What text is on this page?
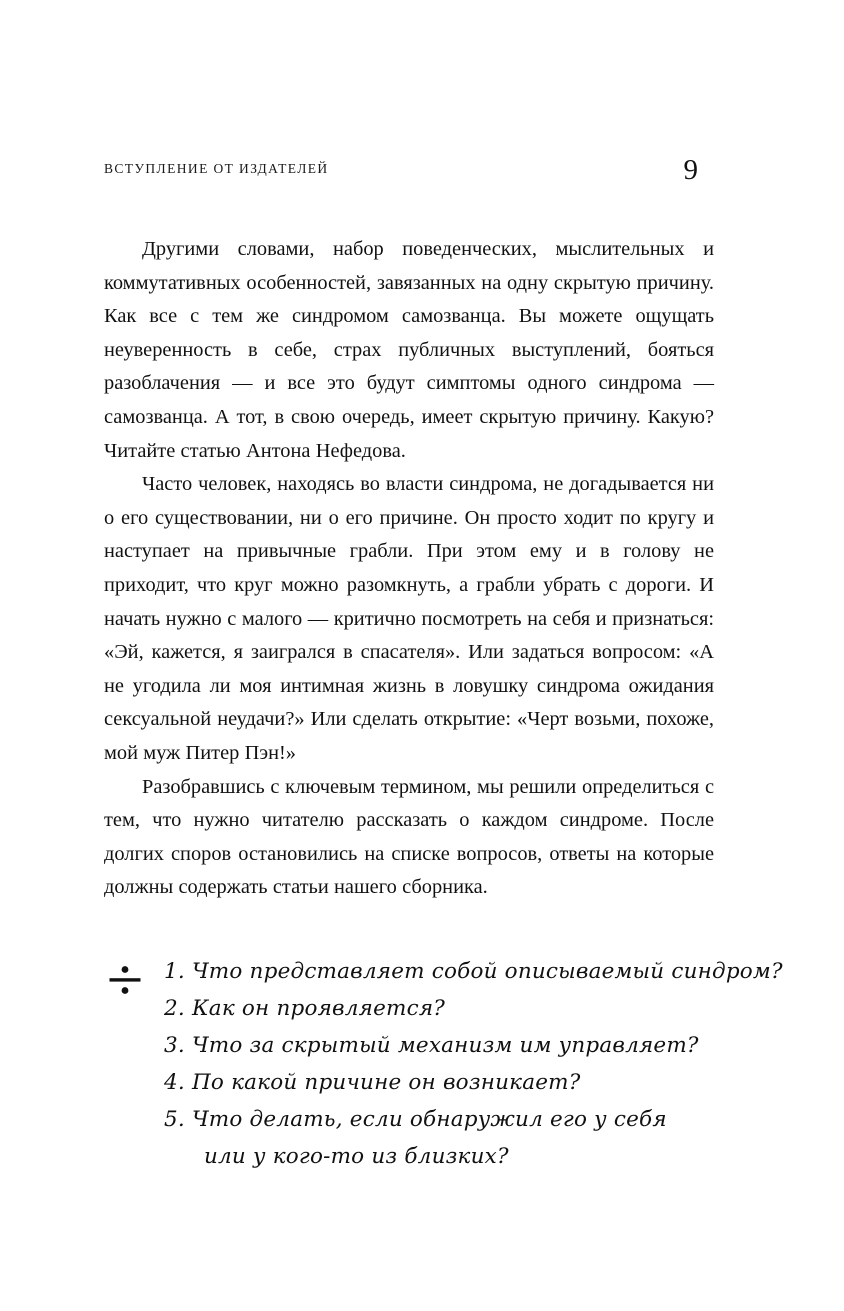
ВСТУПЛЕНИЕ ОТ ИЗДАТЕЛЕЙ	9

Другими словами, набор поведенческих, мыслительных и коммутативных особенностей, завязанных на одну скрытую причину. Как все с тем же синдромом самозванца. Вы можете ощущать неуверенность в себе, страх публичных выступлений, бояться разоблачения — и все это будут симптомы одного синдрома — самозванца. А тот, в свою очередь, имеет скрытую причину. Какую? Читайте статью Антона Нефедова.

Часто человек, находясь во власти синдрома, не догадывается ни о его существовании, ни о его причине. Он просто ходит по кругу и наступает на привычные грабли. При этом ему и в голову не приходит, что круг можно разомкнуть, а грабли убрать с дороги. И начать нужно с малого — критично посмотреть на себя и признаться: «Эй, кажется, я заигрался в спасателя». Или задаться вопросом: «А не угодила ли моя интимная жизнь в ловушку синдрома ожидания сексуальной неудачи?» Или сделать открытие: «Черт возьми, похоже, мой муж Питер Пэн!»

Разобравшись с ключевым термином, мы решили определиться с тем, что нужно читателю рассказать о каждом синдроме. После долгих споров остановились на списке вопросов, ответы на которые должны содержать статьи нашего сборника.

1. Что представляет собой описываемый синдром?
2. Как он проявляется?
3. Что за скрытый механизм им управляет?
4. По какой причине он возникает?
5. Что делать, если обнаружил его у себя
или у кого-то из близких?
